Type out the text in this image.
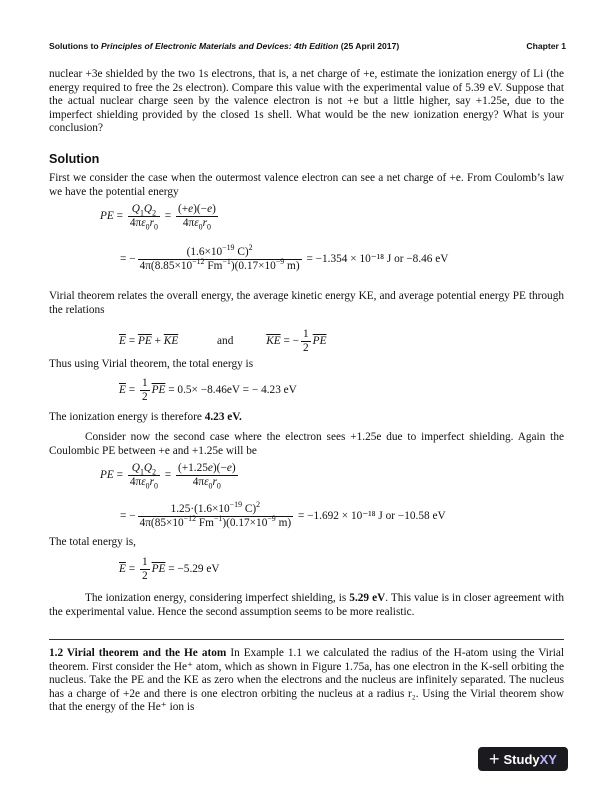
Solutions to Principles of Electronic Materials and Devices: 4th Edition (25 April 2017)	Chapter 1
nuclear +3e shielded by the two 1s electrons, that is, a net charge of +e, estimate the ionization energy of Li (the energy required to free the 2s electron). Compare this value with the experimental value of 5.39 eV. Suppose that the actual nuclear charge seen by the valence electron is not +e but a little higher, say +1.25e, due to the imperfect shielding provided by the closed 1s shell. What would be the new ionization energy? What is your conclusion?
Solution
First we consider the case when the outermost valence electron can see a net charge of +e. From Coulomb’s law we have the potential energy
PE = $\frac{Q_1Q_2}{4\pi\varepsilon_0r_0} = \frac{(+e)(-e)}{4\pi\varepsilon_0r_0}$
= − $\frac{(1.6\times 10^{-19} C)^2}{4\pi(8.85\times 10^{-12} Fm^{-1})(0.17\times 10^{-9} m)} = -1.354 \times 10^{-18}$ J or −8.46 eV
Virial theorem relates the overall energy, the average kinetic energy KE, and average potential energy PE through the relations
$\overline{E} = \overline{PE} + \overline{KE}$	and	$\overline{KE}$ = − $\frac{1}{2} \overline{PE}$
Thus using Virial theorem, the total energy is
$\overline{E} = \frac{1}{2} \overline{PE} = 0.5\times -8.46eV$ = − 4.23 eV
The ionization energy is therefore 4.23 eV.
Consider now the second case where the electron sees +1.25e due to imperfect shielding. Again the Coulombic PE between +e and +1.25e will be
PE = $\frac{Q_1Q_2}{4\pi\varepsilon_0r_0} = \frac{(+1.25e)(-e)}{4\pi\varepsilon_0r_0}$
= − $\frac{1.25\cdot(1.6\times 10^{-19} C)^2}{4\pi(85\times 10^{-12} Fm^{-1})(0.17\times 10^{-9} m)} = -1.692 \times 10^{-18}$ J or −10.58 eV
The total energy is,
$\overline{E} = \frac{1}{2} \overline{PE} = -5.29$ eV
The ionization energy, considering imperfect shielding, is 5.29 eV. This value is in closer agreement with the experimental value. Hence the second assumption seems to be more realistic.
1.2 Virial theorem and the He atom In Example 1.1 we calculated the radius of the H-atom using the Virial theorem. First consider the He⁺ atom, which as shown in Figure 1.75a, has one electron in the K-sell orbiting the nucleus. Take the PE and the KE as zero when the electrons and the nucleus are infinitely separated. The nucleus has a charge of +2e and there is one electron orbiting the nucleus at a radius r₂. Using the Virial theorem show that the energy of the He⁺ ion is
+ StudyXY
